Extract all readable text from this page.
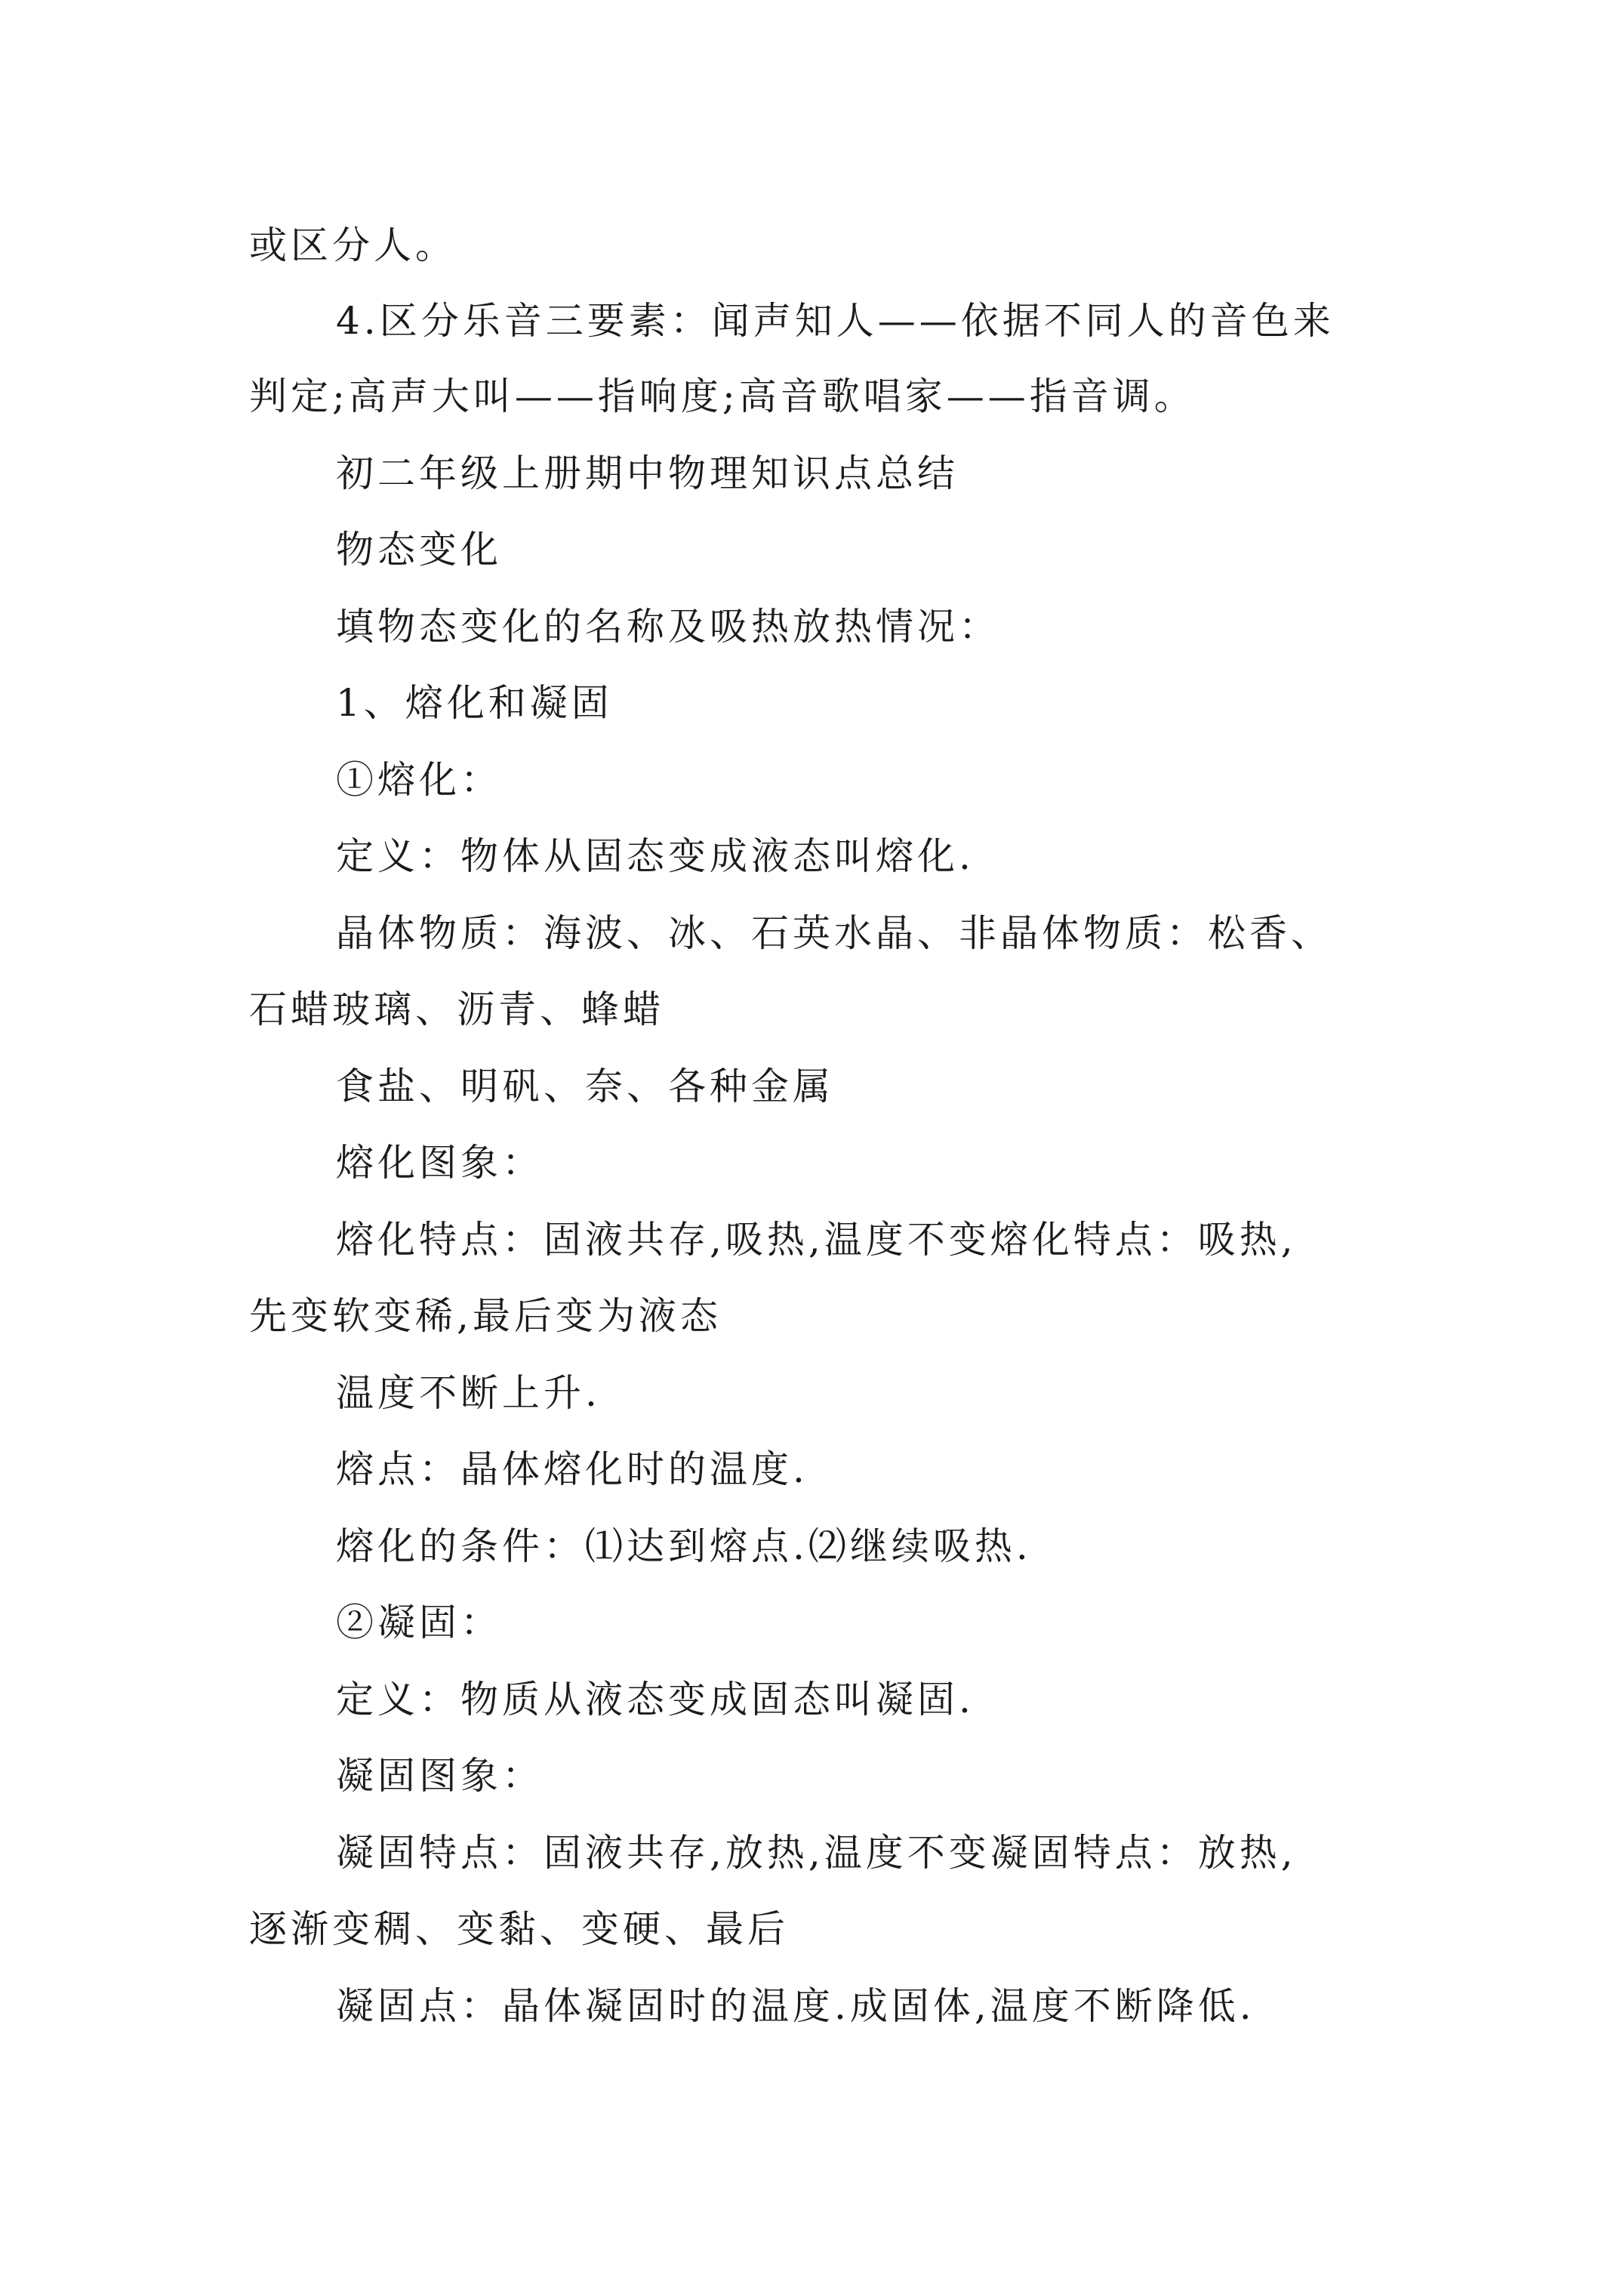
或区分人。
4.区分乐音三要素：闻声知人——依据不同人的音色来
判定;高声大叫——指响度;高音歌唱家——指音调。
初二年级上册期中物理知识点总结
物态变化
填物态变化的名称及吸热放热情况：
1、熔化和凝固
①熔化：
定义：物体从固态变成液态叫熔化.
晶体物质：海波、冰、石英水晶、非晶体物质：松香、
石蜡玻璃、沥青、蜂蜡
食盐、明矾、奈、各种金属
熔化图象：
熔化特点：固液共存,吸热,温度不变熔化特点：吸热,
先变软变稀,最后变为液态
温度不断上升.
熔点：晶体熔化时的温度.
熔化的条件：⑴达到熔点.⑵继续吸热.
②凝固：
定义：物质从液态变成固态叫凝固.
凝固图象：
凝固特点：固液共存,放热,温度不变凝固特点：放热,
逐渐变稠、变黏、变硬、最后
凝固点：晶体凝固时的温度.成固体,温度不断降低.
